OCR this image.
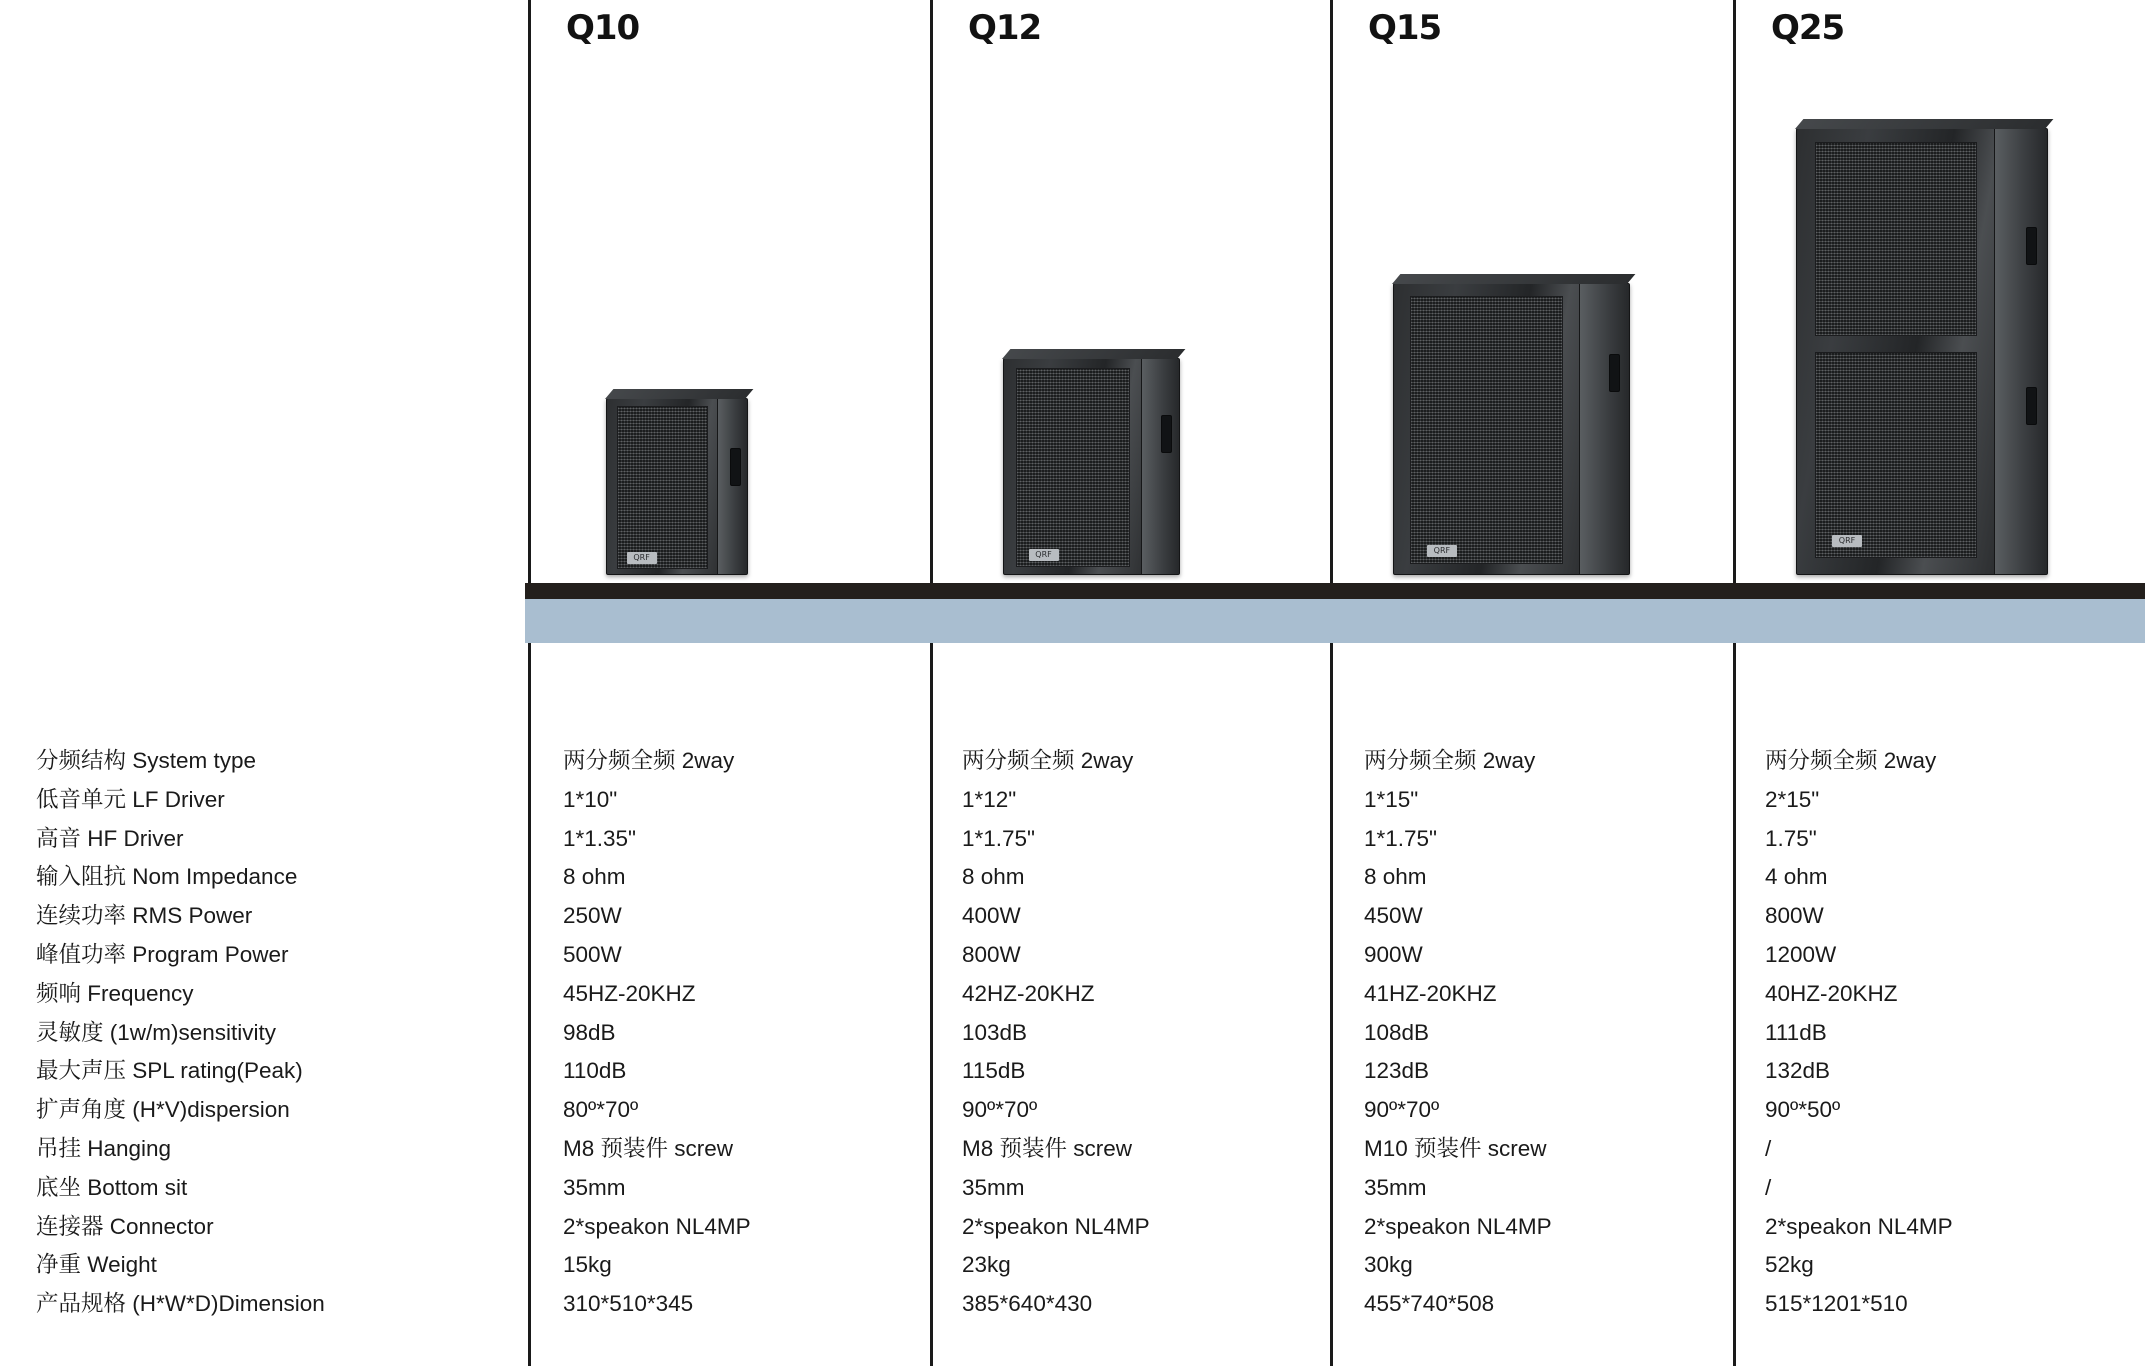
Q10
QRF
Q12
QRF
Q15
QRF
Q25
QRF
分频结构 System type
低音单元 LF Driver
高音 HF Driver
输入阻抗 Nom Impedance
连续功率 RMS Power
峰值功率 Program Power
频响 Frequency
灵敏度 (1w/m)sensitivity
最大声压 SPL rating(Peak)
扩声角度 (H*V)dispersion
吊挂 Hanging
底坐 Bottom sit
连接器 Connector
净重 Weight
产品规格 (H*W*D)Dimension
两分频全频 2way
1*10"
1*1.35"
8 ohm
250W
500W
45HZ-20KHZ
98dB
110dB
80º*70º
M8 预装件 screw
35mm
2*speakon NL4MP
15kg
310*510*345
两分频全频 2way
1*12"
1*1.75"
8 ohm
400W
800W
42HZ-20KHZ
103dB
115dB
90º*70º
M8 预装件 screw
35mm
2*speakon NL4MP
23kg
385*640*430
两分频全频 2way
1*15"
1*1.75"
8 ohm
450W
900W
41HZ-20KHZ
108dB
123dB
90º*70º
M10 预装件 screw
35mm
2*speakon NL4MP
30kg
455*740*508
两分频全频 2way
2*15"
1.75"
4 ohm
800W
1200W
40HZ-20KHZ
111dB
132dB
90º*50º
/
/
2*speakon NL4MP
52kg
515*1201*510
